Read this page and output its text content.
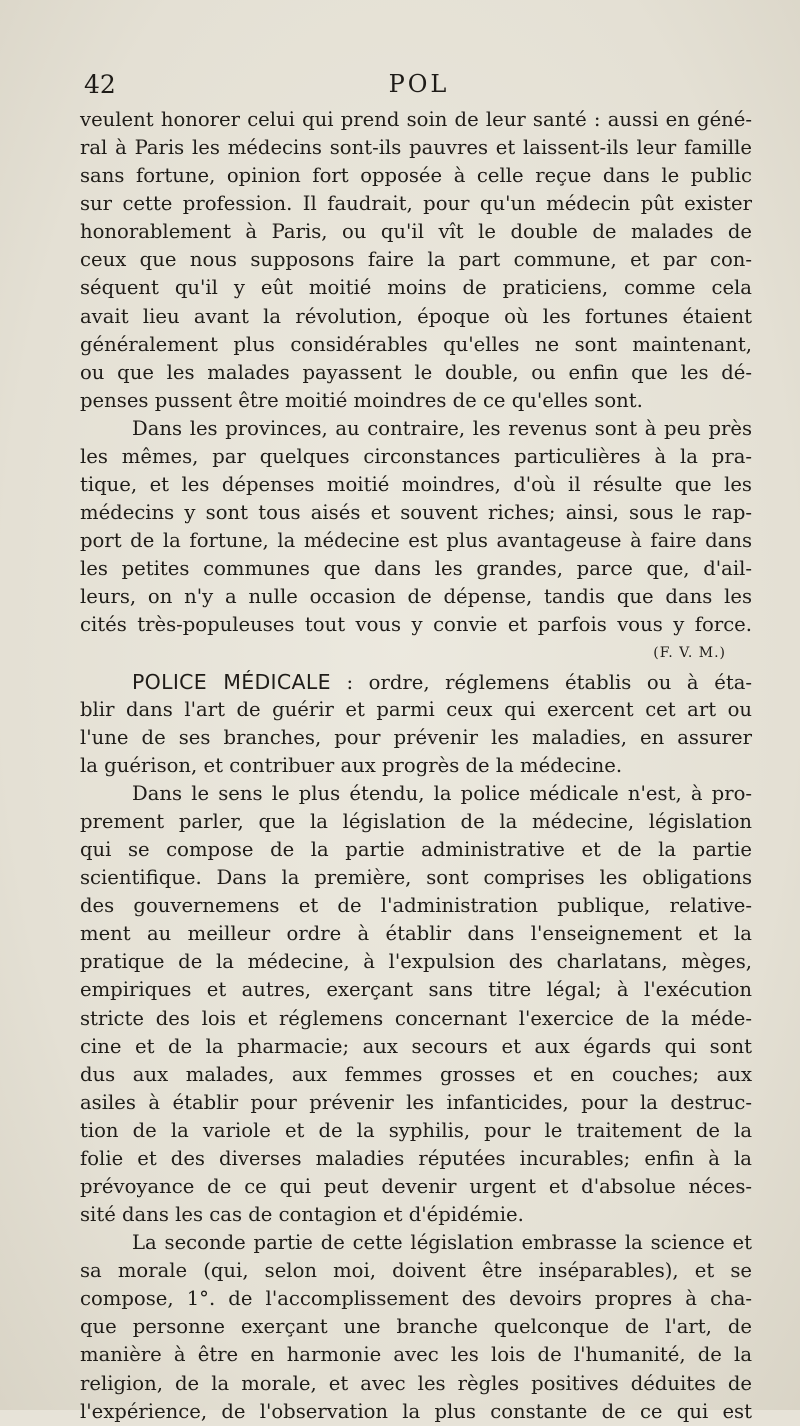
42	POL
veulent honorer celui qui prend soin de leur santé : aussi en géné-
ral à Paris les médecins sont-ils pauvres et laissent-ils leur famille
sans fortune, opinion fort opposée à celle reçue dans le public
sur cette profession. Il faudrait, pour qu'un médecin pût exister
honorablement à Paris, ou qu'il vît le double de malades de
ceux que nous supposons faire la part commune, et par con-
séquent qu'il y eût moitié moins de praticiens, comme cela
avait lieu avant la révolution, époque où les fortunes étaient
généralement plus considérables qu'elles ne sont maintenant,
ou que les malades payassent le double, ou enfin que les dé-
penses pussent être moitié moindres de ce qu'elles sont.
Dans les provinces, au contraire, les revenus sont à peu près
les mêmes, par quelques circonstances particulières à la pra-
tique, et les dépenses moitié moindres, d'où il résulte que les
médecins y sont tous aisés et souvent riches; ainsi, sous le rap-
port de la fortune, la médecine est plus avantageuse à faire dans
les petites communes que dans les grandes, parce que, d'ail-
leurs, on n'y a nulle occasion de dépense, tandis que dans les
cités très-populeuses tout vous y convie et parfois vous y force.
(F. V. M.)
POLICE MÉDICALE : ordre, réglemens établis ou à éta-
blir dans l'art de guérir et parmi ceux qui exercent cet art ou
l'une de ses branches, pour prévenir les maladies, en assurer
la guérison, et contribuer aux progrès de la médecine.
Dans le sens le plus étendu, la police médicale n'est, à pro-
prement parler, que la législation de la médecine, législation
qui se compose de la partie administrative et de la partie
scientifique. Dans la première, sont comprises les obligations
des gouvernemens et de l'administration publique, relative-
ment au meilleur ordre à établir dans l'enseignement et la
pratique de la médecine, à l'expulsion des charlatans, mèges,
empiriques et autres, exerçant sans titre légal; à l'exécution
stricte des lois et réglemens concernant l'exercice de la méde-
cine et de la pharmacie; aux secours et aux égards qui sont
dus aux malades, aux femmes grosses et en couches; aux
asiles à établir pour prévenir les infanticides, pour la destruc-
tion de la variole et de la syphilis, pour le traitement de la
folie et des diverses maladies réputées incurables; enfin à la
prévoyance de ce qui peut devenir urgent et d'absolue néces-
sité dans les cas de contagion et d'épidémie.
La seconde partie de cette législation embrasse la science et
sa morale (qui, selon moi, doivent être inséparables), et se
compose, 1°. de l'accomplissement des devoirs propres à cha-
que personne exerçant une branche quelconque de l'art, de
manière à être en harmonie avec les lois de l'humanité, de la
religion, de la morale, et avec les règles positives déduites de
l'expérience, de l'observation la plus constante de ce qui est
